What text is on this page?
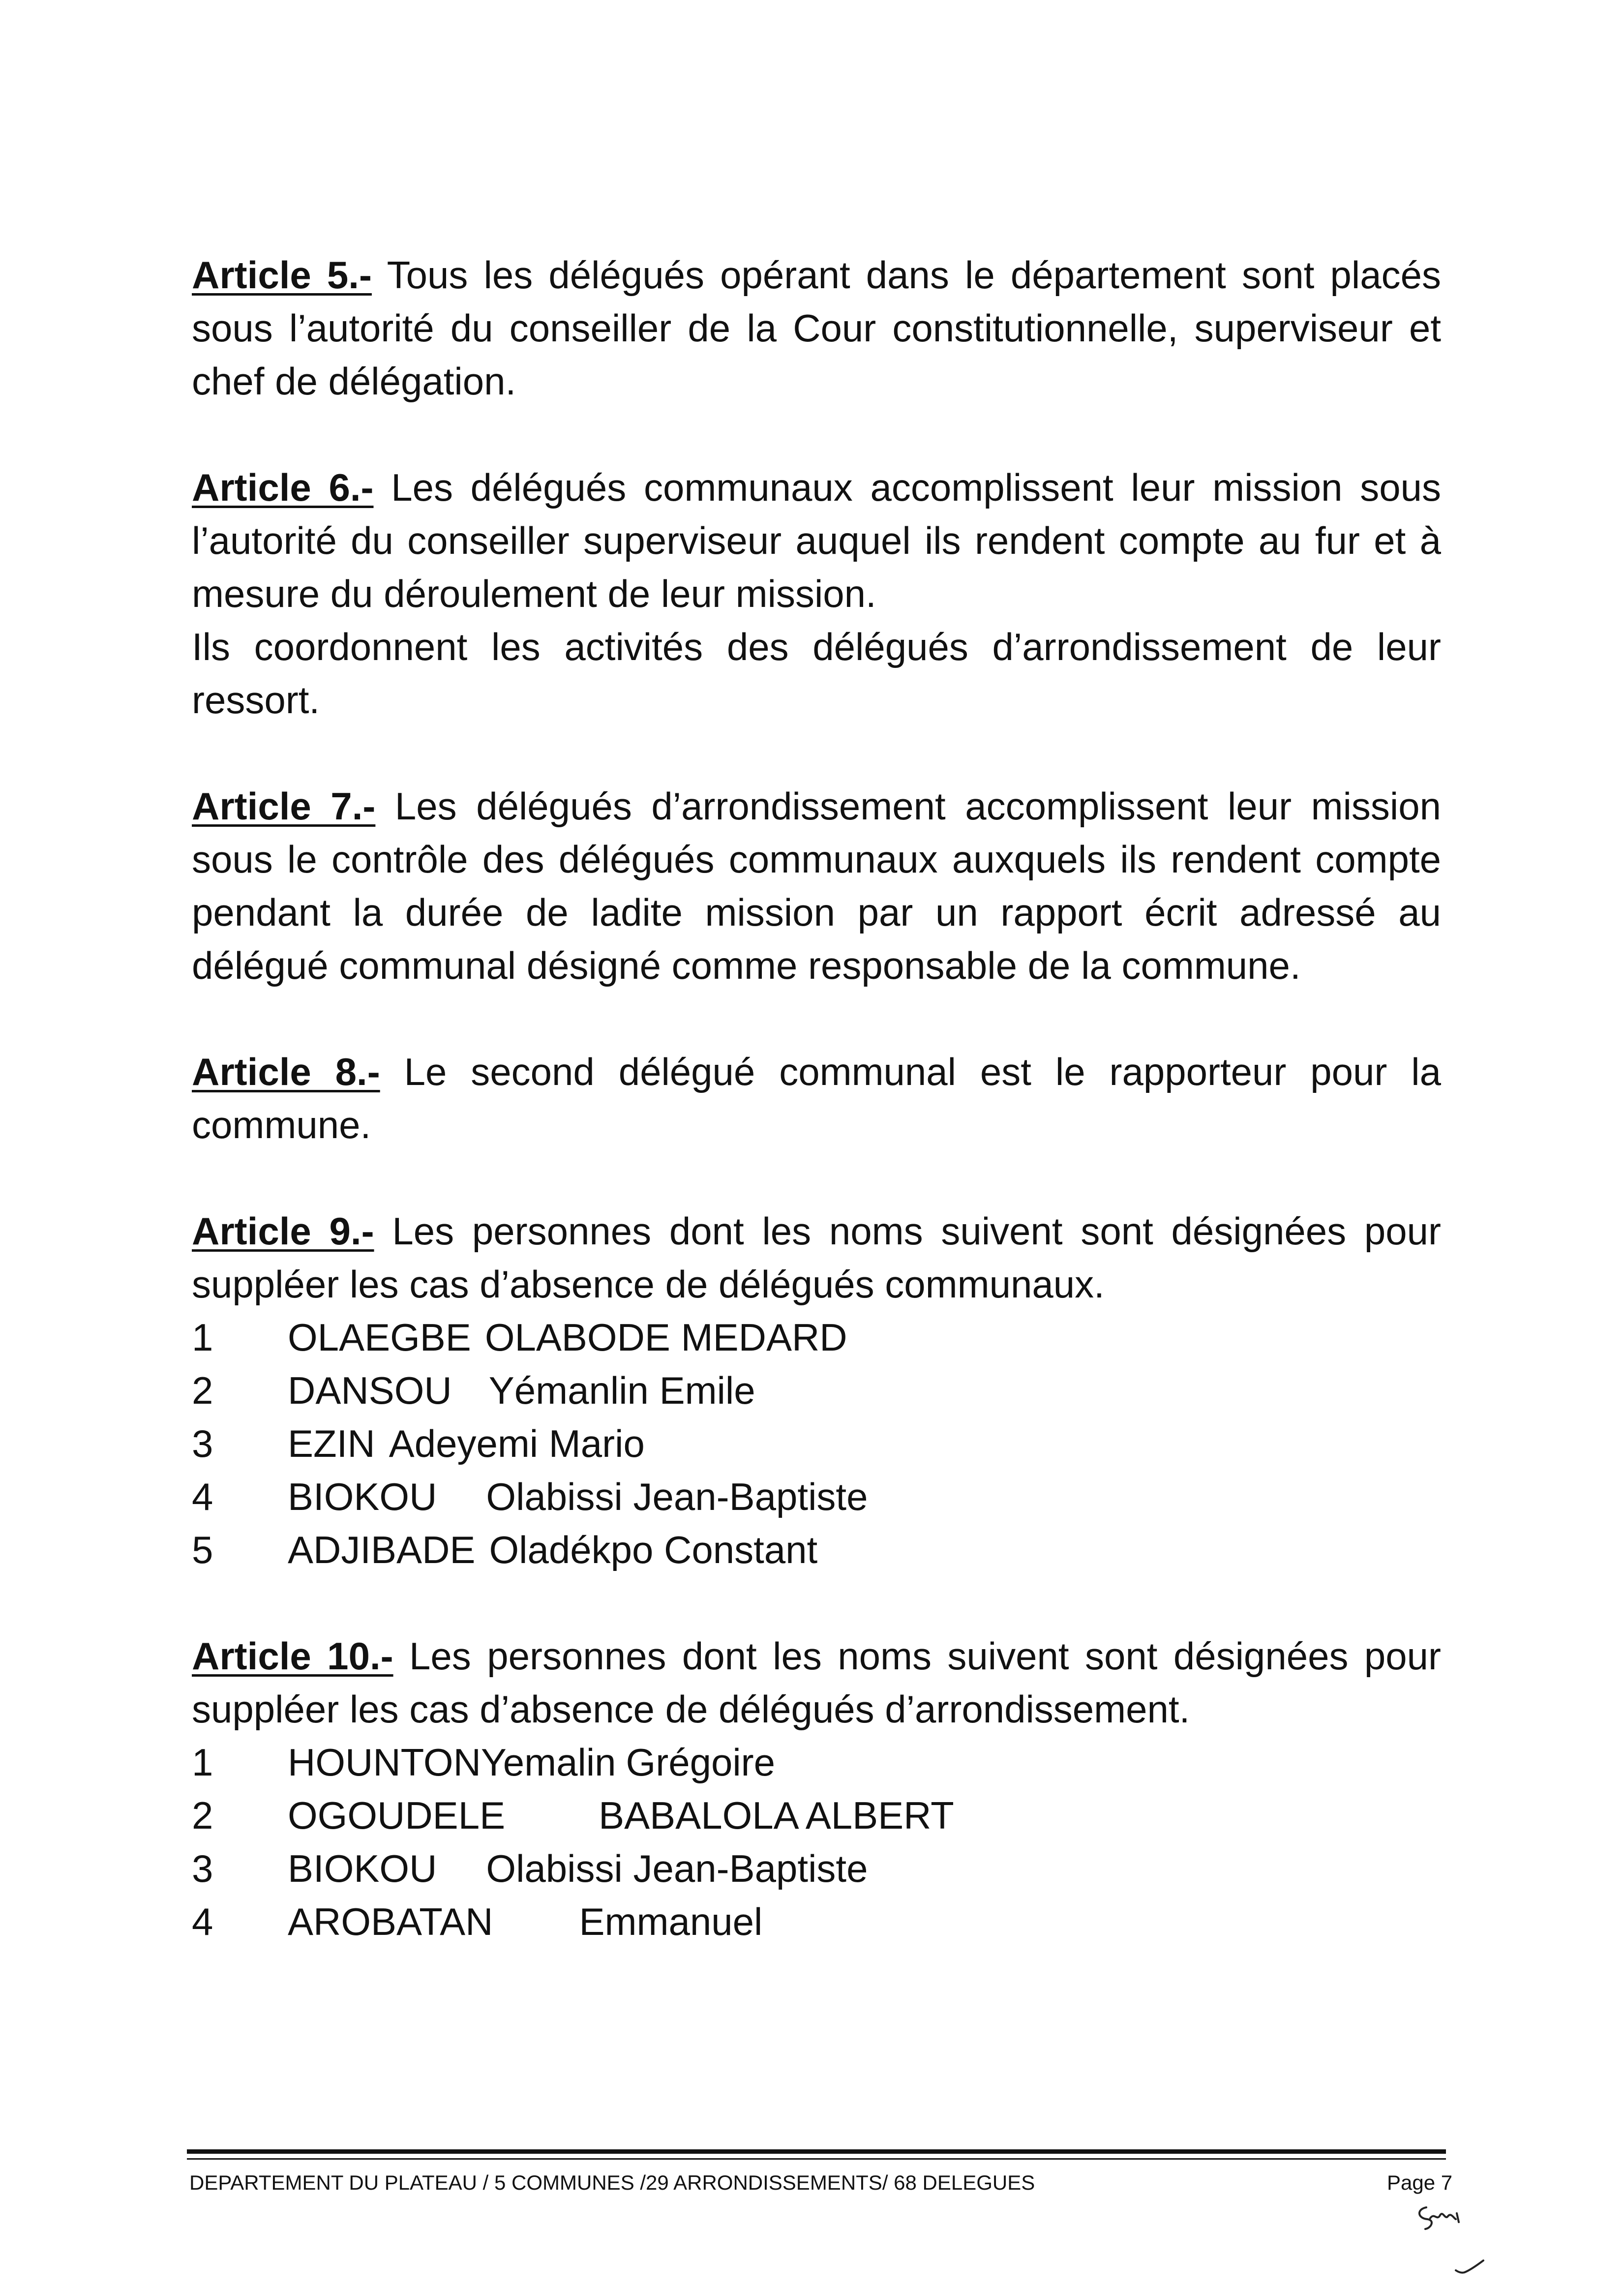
Article 5.- Tous les délégués opérant dans le département sont placés sous l’autorité du conseiller de la Cour constitutionnelle, superviseur et chef de délégation.

Article 6.- Les délégués communaux accomplissent leur mission sous l’autorité du conseiller superviseur auquel ils rendent compte au fur et à mesure du déroulement de leur mission.

Ils coordonnent les activités des délégués d’arrondissement de leur ressort.

Article 7.- Les délégués d’arrondissement accomplissent leur mission sous le contrôle des délégués communaux auxquels ils rendent compte pendant la durée de ladite mission par un rapport écrit adressé au délégué communal désigné comme responsable de la commune.

Article 8.- Le second délégué communal est le rapporteur pour la commune.

Article 9.- Les personnes dont les noms suivent sont désignées pour suppléer les cas d’absence de délégués communaux.

1	OLAEGBE OLABODE MEDARD
2	DANSOU Yémanlin Emile
3	EZIN Adeyemi Mario
4	BIOKOU Olabissi Jean-Baptiste
5	ADJIBADE Oladékpo Constant

Article 10.- Les personnes dont les noms suivent sont désignées pour suppléer les cas d’absence de délégués d’arrondissement.

1	HOUNTONYemalin Grégoire
2	OGOUDELE BABALOLA ALBERT
3	BIOKOU Olabissi Jean-Baptiste
4	AROBATAN Emmanuel
DEPARTEMENT DU PLATEAU / 5 COMMUNES /29 ARRONDISSEMENTS/ 68 DELEGUES	Page 7
